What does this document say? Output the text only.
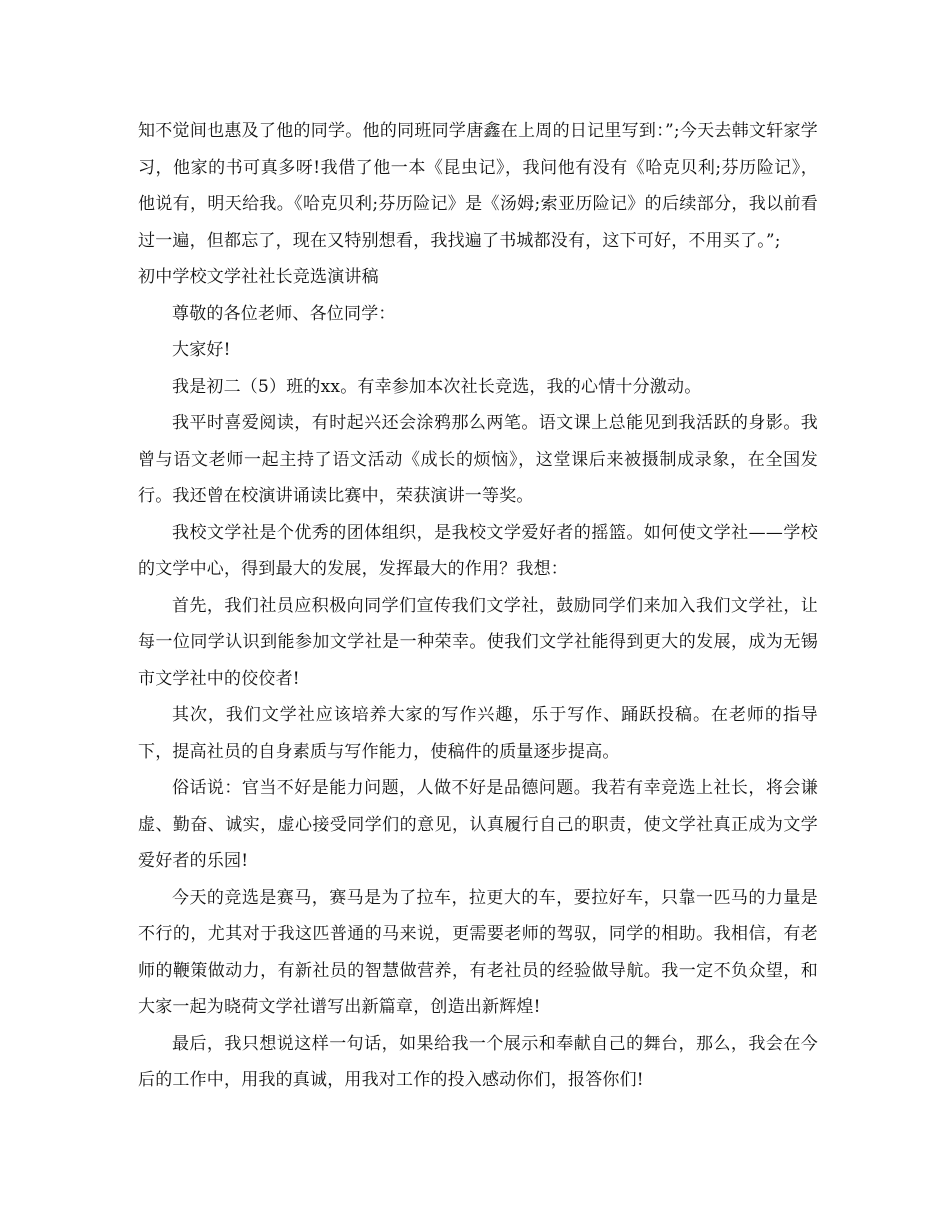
知不觉间也惠及了他的同学。他的同班同学唐鑫在上周的日记里写到：”;今天去韩文轩家学习，他家的书可真多呀!我借了他一本《昆虫记》，我问他有没有《哈克贝利;芬历险记》，他说有，明天给我。《哈克贝利;芬历险记》是《汤姆;索亚历险记》的后续部分，我以前看过一遍，但都忘了，现在又特别想看，我找遍了书城都没有，这下可好，不用买了。”;

初中学校文学社社长竞选演讲稿

尊敬的各位老师、各位同学：

大家好!

我是初二（5）班的xx。有幸参加本次社长竞选，我的心情十分激动。

我平时喜爱阅读，有时起兴还会涂鸦那么两笔。语文课上总能见到我活跃的身影。我曾与语文老师一起主持了语文活动《成长的烦恼》，这堂课后来被摄制成录象，在全国发行。我还曾在校演讲诵读比赛中，荣获演讲一等奖。

我校文学社是个优秀的团体组织，是我校文学爱好者的摇篮。如何使文学社——学校的文学中心，得到最大的发展，发挥最大的作用？我想：

首先，我们社员应积极向同学们宣传我们文学社，鼓励同学们来加入我们文学社，让每一位同学认识到能参加文学社是一种荣幸。使我们文学社能得到更大的发展，成为无锡市文学社中的佼佼者!

其次，我们文学社应该培养大家的写作兴趣，乐于写作、踊跃投稿。在老师的指导下，提高社员的自身素质与写作能力，使稿件的质量逐步提高。

俗话说：官当不好是能力问题，人做不好是品德问题。我若有幸竞选上社长，将会谦虚、勤奋、诚实，虚心接受同学们的意见，认真履行自己的职责，使文学社真正成为文学爱好者的乐园!

今天的竞选是赛马，赛马是为了拉车，拉更大的车，要拉好车，只靠一匹马的力量是不行的，尤其对于我这匹普通的马来说，更需要老师的驾驭，同学的相助。我相信，有老师的鞭策做动力，有新社员的智慧做营养，有老社员的经验做导航。我一定不负众望，和大家一起为晓荷文学社谱写出新篇章，创造出新辉煌!

最后，我只想说这样一句话，如果给我一个展示和奉献自己的舞台，那么，我会在今后的工作中，用我的真诚，用我对工作的投入感动你们，报答你们!
